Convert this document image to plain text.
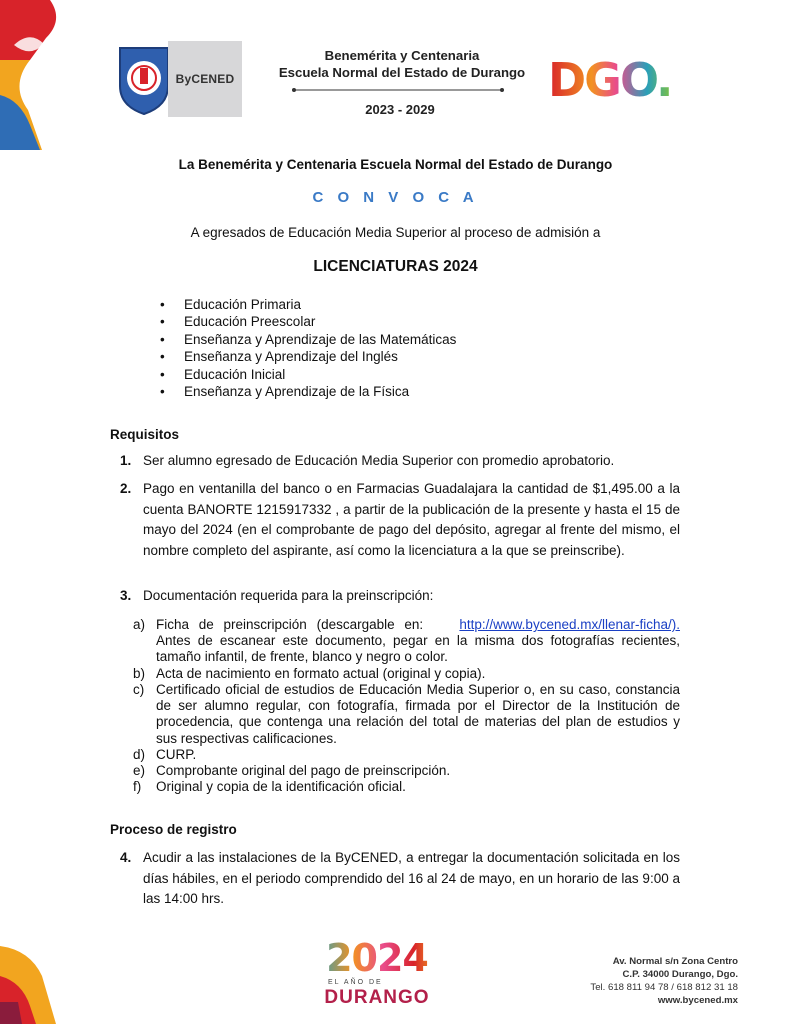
ByCENED
Benemérita y Centenaria
Escuela Normal del Estado de Durango
2023 - 2029
DGO.
La Benemérita y Centenaria Escuela Normal del Estado de Durango
C O N V O C A
A egresados de Educación Media Superior al proceso de admisión a
LICENCIATURAS 2024
• Educación Primaria
• Educación Preescolar
• Enseñanza y Aprendizaje de las Matemáticas
• Enseñanza y Aprendizaje del Inglés
• Educación Inicial
• Enseñanza y Aprendizaje de la Física
Requisitos
1. Ser alumno egresado de Educación Media Superior con promedio aprobatorio.
2. Pago en ventanilla del banco o en Farmacias Guadalajara la cantidad de $1,495.00 a la cuenta BANORTE 1215917332 , a partir de la publicación de la presente y hasta el 15 de mayo del 2024 (en el comprobante de pago del depósito, agregar al frente del mismo, el nombre completo del aspirante, así como la licenciatura a la que se preinscribe).
3. Documentación requerida para la preinscripción:
a) Ficha de preinscripción (descargable en:	http://www.bycened.mx/llenar-ficha/).

Antes de escanear este documento, pegar en la misma dos fotografías recientes, tamaño infantil, de frente, blanco y negro o color.
b) Acta de nacimiento en formato actual (original y copia).
c) Certificado oficial de estudios de Educación Media Superior o, en su caso, constancia de ser alumno regular, con fotografía, firmada por el Director de la Institución de procedencia, que contenga una relación del total de materias del plan de estudios y sus respectivas calificaciones.
d) CURP.
e) Comprobante original del pago de preinscripción.
f) Original y copia de la identificación oficial.
Proceso de registro
4. Acudir a las instalaciones de la ByCENED, a entregar la documentación solicitada en los días hábiles, en el periodo comprendido del 16 al 24 de mayo, en un horario de las 9:00 a las 14:00 hrs.
2024
EL AÑO DE
DURANGO
Av. Normal s/n Zona Centro
C.P. 34000 Durango, Dgo.
Tel. 618 811 94 78 / 618 812 31 18
www.bycened.mx
